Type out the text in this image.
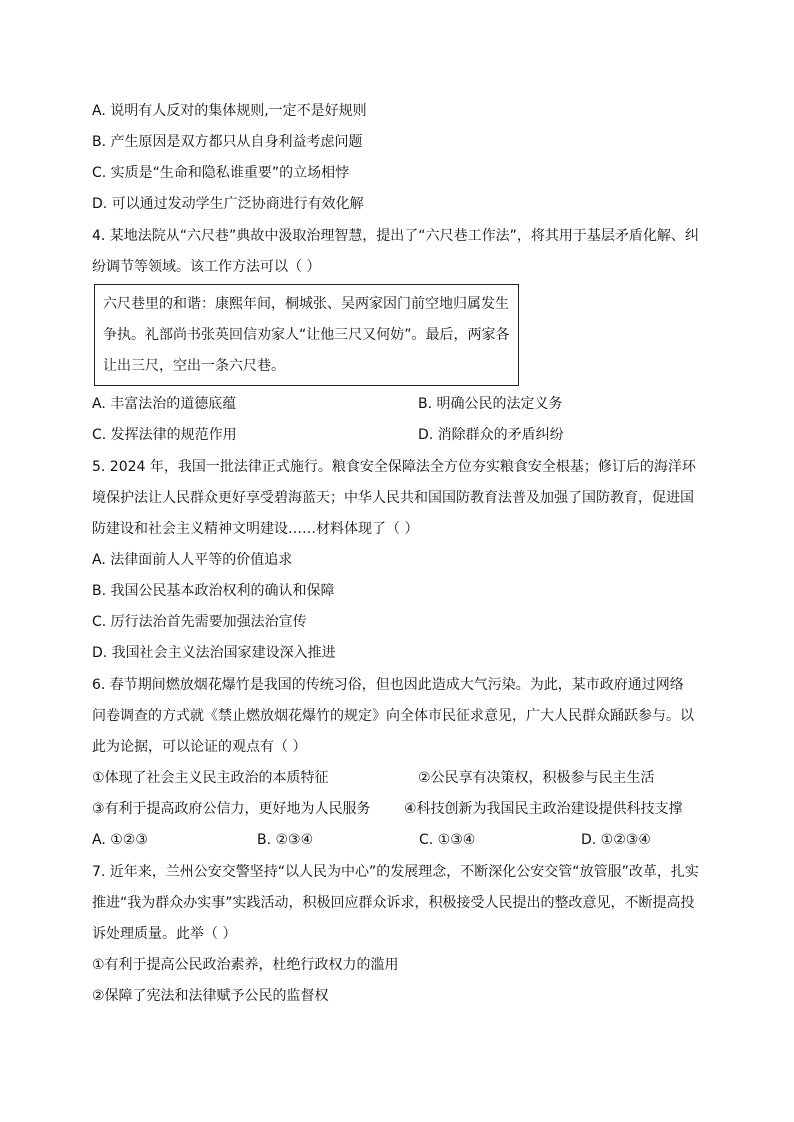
A. 说明有人反对的集体规则,一定不是好规则
B. 产生原因是双方都只从自身利益考虑问题
C. 实质是“生命和隐私谁重要”的立场相悖
D. 可以通过发动学生广泛协商进行有效化解
4. 某地法院从“六尺巷”典故中汲取治理智慧，提出了“六尺巷工作法”，将其用于基层矛盾化解、纠
纷调节等领域。该工作方法可以（ ）
六尺巷里的和谐：康熙年间，桐城张、吴两家因门前空地归属发生
争执。礼部尚书张英回信劝家人“让他三尺又何妨”。最后，两家各
让出三尺，空出一条六尺巷。
A. 丰富法治的道德底蕴	B. 明确公民的法定义务
C. 发挥法律的规范作用	D. 消除群众的矛盾纠纷
5. 2024 年，我国一批法律正式施行。粮食安全保障法全方位夯实粮食安全根基；修订后的海洋环
境保护法让人民群众更好享受碧海蓝天；中华人民共和国国防教育法普及加强了国防教育，促进国
防建设和社会主义精神文明建设……材料体现了（ ）
A. 法律面前人人平等的价值追求
B. 我国公民基本政治权利的确认和保障
C. 厉行法治首先需要加强法治宣传
D. 我国社会主义法治国家建设深入推进
6. 春节期间燃放烟花爆竹是我国的传统习俗，但也因此造成大气污染。为此，某市政府通过网络
问卷调查的方式就《禁止燃放烟花爆竹的规定》向全体市民征求意见，广大人民群众踊跃参与。以
此为论据，可以论证的观点有（ ）
①体现了社会主义民主政治的本质特征	②公民享有决策权，积极参与民主生活
③有利于提高政府公信力，更好地为人民服务 ④科技创新为我国民主政治建设提供科技支撑
A. ①②③	B. ②③④	C. ①③④	D. ①②③④
7. 近年来，兰州公安交警坚持“以人民为中心”的发展理念，不断深化公安交管“放管服”改革，扎实
推进“我为群众办实事”实践活动，积极回应群众诉求，积极接受人民提出的整改意见，不断提高投
诉处理质量。此举（ ）
①有利于提高公民政治素养，杜绝行政权力的滥用
②保障了宪法和法律赋予公民的监督权
